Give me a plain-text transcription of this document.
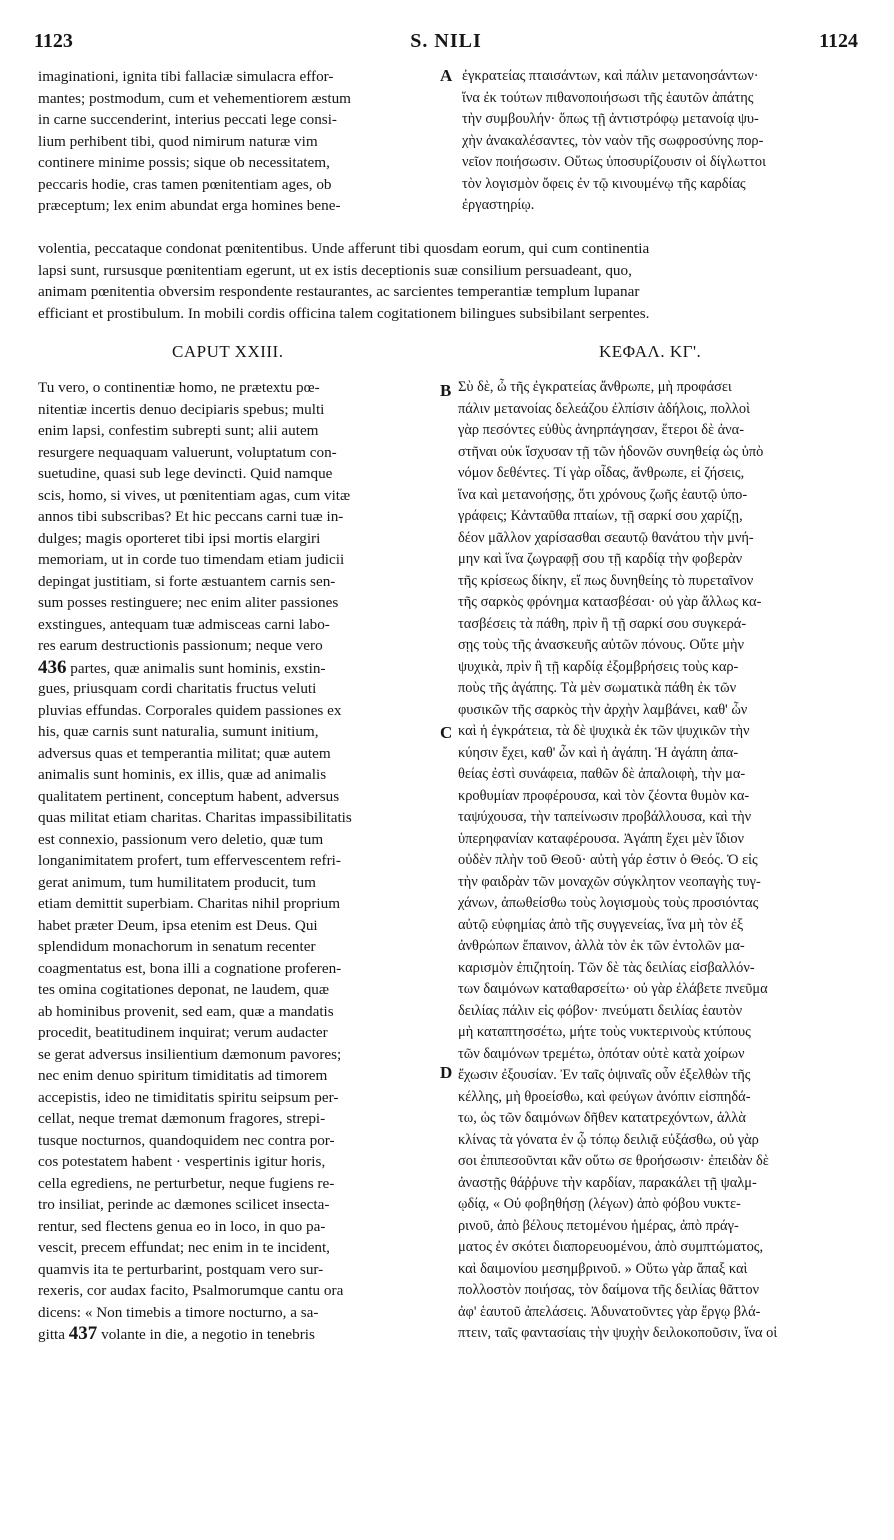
1123	S. NILI	1124
A
B
C
D
imaginationi, ignita tibi fallaciæ simulacra effor-
mantes; postmodum, cum et vehementiorem æstum
in carne succenderint, interius peccati lege consi-
lium perhibent tibi, quod nimirum naturæ vim
continere minime possis; sique ob necessitatem,
peccaris hodie, cras tamen pœnitentiam ages, ob
præceptum; lex enim abundat erga homines bene-
ἐγκρατείας πταισάντων, καὶ πάλιν μετανοησάντων·
ἵνα ἐκ τούτων πιθανοποιήσωσι τῆς ἑαυτῶν ἀπάτης
τὴν συμβουλήν· ὅπως τῇ ἀντιστρόφῳ μετανοίᾳ ψυ-
χὴν ἀνακαλέσαντες, τὸν ναὸν τῆς σωφροσύνης πορ-
νεῖον ποιήσωσιν. Οὕτως ὑποσυρίζουσιν οἱ δίγλωττοι
τὸν λογισμὸν ὄφεις ἐν τῷ κινουμένῳ τῆς καρδίας
ἐργαστηρίῳ.
volentia, peccataque condonat pœnitentibus. Unde afferunt tibi quosdam eorum, qui cum continentia
lapsi sunt, rursusque pœnitentiam egerunt, ut ex istis deceptionis suæ consilium persuadeant, quo,
animam pœnitentia obversim respondente restaurantes, ac sarcientes temperantiæ templum lupanar
efficiant et prostibulum. In mobili cordis officina talem cogitationem bilingues subsibilant serpentes.
CAPUT XXIII.	ΚΕΦΑΛ. ΚΓ'.
Tu vero, o continentiæ homo, ne prætextu pœ-
nitentiæ incertis denuo decipiaris spebus; multi
enim lapsi, confestim subrepti sunt; alii autem
resurgere nequaquam valuerunt, voluptatum con-
suetudine, quasi sub lege devincti. Quid namque
scis, homo, si vives, ut pœnitentiam agas, cum vitæ
annos tibi subscribas? Et hic peccans carni tuæ in-
dulges; magis oporteret tibi ipsi mortis elargiri
memoriam, ut in corde tuo timendam etiam judicii
depingat justitiam, si forte æstuantem carnis sen-
sum posses restinguere; nec enim aliter passiones
exstingues, antequam tuæ admisceas carni labo-
res earum destructionis passionum; neque vero
436 partes, quæ animalis sunt hominis, exstin-
gues, priusquam cordi charitatis fructus veluti
pluvias effundas. Corporales quidem passiones ex
his, quæ carnis sunt naturalia, sumunt initium,
adversus quas et temperantia militat; quæ autem
animalis sunt hominis, ex illis, quæ ad animalis
qualitatem pertinent, conceptum habent, adversus
quas militat etiam charitas. Charitas impassibilitatis
est connexio, passionum vero deletio, quæ tum
longanimitatem profert, tum effervescentem refri-
gerat animum, tum humilitatem producit, tum
etiam demittit superbiam. Charitas nihil proprium
habet præter Deum, ipsa etenim est Deus. Qui
splendidum monachorum in senatum recenter
coagmentatus est, bona illi a cognatione proferen-
tes omina cogitationes deponat, ne laudem, quæ
ab hominibus provenit, sed eam, quæ a mandatis
procedit, beatitudinem inquirat; verum audacter
se gerat adversus insilientium dæmonum pavores;
nec enim denuo spiritum timiditatis ad timorem
accepistis, ideo ne timiditatis spiritu seipsum per-
cellat, neque tremat dæmonum fragores, strepi-
tusque nocturnos, quandoquidem nec contra por-
cos potestatem habent · vespertinis igitur horis,
cella egrediens, ne perturbetur, neque fugiens re-
tro insiliat, perinde ac dæmones scilicet insecta-
rentur, sed flectens genua eo in loco, in quo pa-
vescit, precem effundat; nec enim in te incident,
quamvis ita te perturbarint, postquam vero sur-
rexeris, cor audax facito, Psalmorumque cantu ora
dicens: « Non timebis a timore nocturno, a sa-
gitta 437 volante in die, a negotio in tenebris
Σὺ δὲ, ὦ τῆς ἐγκρατείας ἄνθρωπε, μὴ προφάσει
πάλιν μετανοίας δελεάζου ἐλπίσιν ἀδήλοις, πολλοὶ
γὰρ πεσόντες εὐθὺς ἀνηρπάγησαν, ἕτεροι δὲ ἀνα-
στῆναι οὐκ ἴσχυσαν τῇ τῶν ἡδονῶν συνηθείᾳ ὡς ὑπὸ
νόμον δεθέντες. Τί γὰρ οἶδας, ἄνθρωπε, εἰ ζήσεις,
ἵνα καὶ μετανοήσῃς, ὅτι χρόνους ζωῆς ἑαυτῷ ὑπο-
γράφεις; Κἀνταῦθα πταίων, τῇ σαρκί σου χαρίζῃ,
δέον μᾶλλον χαρίσασθαι σεαυτῷ θανάτου τὴν μνή-
μην καὶ ἵνα ζωγραφῇ σου τῇ καρδίᾳ τὴν φοβερὰν
τῆς κρίσεως δίκην, εἴ πως δυνηθείης τὸ πυρεταῖνον
τῆς σαρκὸς φρόνημα κατασβέσαι· οὐ γὰρ ἄλλως κα-
τασβέσεις τὰ πάθη, πρὶν ἢ τῇ σαρκί σου συγκερά-
σῃς τοὺς τῆς ἀνασκευῆς αὐτῶν πόνους. Οὔτε μὴν
ψυχικὰ, πρὶν ἢ τῇ καρδίᾳ ἐξομβρήσεις τοὺς καρ-
ποὺς τῆς ἀγάπης. Τὰ μὲν σωματικὰ πάθη ἐκ τῶν
φυσικῶν τῆς σαρκὸς τὴν ἀρχὴν λαμβάνει, καθ' ὧν
καὶ ἡ ἐγκράτεια, τὰ δὲ ψυχικὰ ἐκ τῶν ψυχικῶν τὴν
κύησιν ἔχει, καθ' ὧν καὶ ἡ ἀγάπη. Ἡ ἀγάπη ἀπα-
θείας ἐστὶ συνάφεια, παθῶν δὲ ἀπαλοιφὴ, τὴν μα-
κροθυμίαν προφέρουσα, καὶ τὸν ζέοντα θυμὸν κα-
ταψύχουσα, τὴν ταπείνωσιν προβάλλουσα, καὶ τὴν
ὑπερηφανίαν καταφέρουσα. Ἀγάπη ἔχει μὲν ἴδιον
οὐδὲν πλὴν τοῦ Θεοῦ· αὐτὴ γάρ ἐστιν ὁ Θεός. Ὁ εἰς
τὴν φαιδρὰν τῶν μοναχῶν σύγκλητον νεοπαγὴς τυγ-
χάνων, ἀπωθείσθω τοὺς λογισμοὺς τοὺς προσιόντας
αὐτῷ εὐφημίας ἀπὸ τῆς συγγενείας, ἵνα μὴ τὸν ἐξ
ἀνθρώπων ἔπαινον, ἀλλὰ τὸν ἐκ τῶν ἐντολῶν μα-
καρισμὸν ἐπιζητοίη. Τῶν δὲ τὰς δειλίας εἰσβαλλόν-
των δαιμόνων καταθαρσείτω· οὐ γὰρ ἐλάβετε πνεῦμα
δειλίας πάλιν εἰς φόβον· πνεύματι δειλίας ἑαυτὸν
μὴ καταπτησσέτω, μήτε τοὺς νυκτερινοὺς κτύπους
τῶν δαιμόνων τρεμέτω, ὁπόταν οὐτὲ κατὰ χοίρων
ἔχωσιν ἐξουσίαν. Ἐν ταῖς ὀψιναῖς οὖν ἐξελθὼν τῆς
κέλλης, μὴ θροείσθω, καὶ φεύγων ἀνόπιν εἰσπηδά-
τω, ὡς τῶν δαιμόνων δῆθεν κατατρεχόντων, ἀλλὰ
κλίνας τὰ γόνατα ἐν ᾧ τόπῳ δειλιᾷ εὐξάσθω, οὐ γὰρ
σοι ἐπιπεσοῦνται κἂν οὕτω σε θροήσωσιν· ἐπειδὰν δὲ
ἀναστῇς θάῤῥυνε τὴν καρδίαν, παρακάλει τῇ ψαλμ-
ῳδίᾳ, « Οὐ φοβηθήσῃ (λέγων) ἀπὸ φόβου νυκτε-
ρινοῦ, ἀπὸ βέλους πετομένου ἡμέρας, ἀπὸ πράγ-
ματος ἐν σκότει διαπορευομένου, ἀπὸ συμπτώματος,
καὶ δαιμονίου μεσημβρινοῦ. » Οὕτω γὰρ ἅπαξ καὶ
πολλοστὸν ποιήσας, τὸν δαίμονα τῆς δειλίας θᾶττον
ἀφ' ἑαυτοῦ ἀπελάσεις. Ἀδυνατοῦντες γὰρ ἔργῳ βλά-
πτειν, ταῖς φαντασίαις τὴν ψυχὴν δειλοκοποῦσιν, ἵνα οἱ
